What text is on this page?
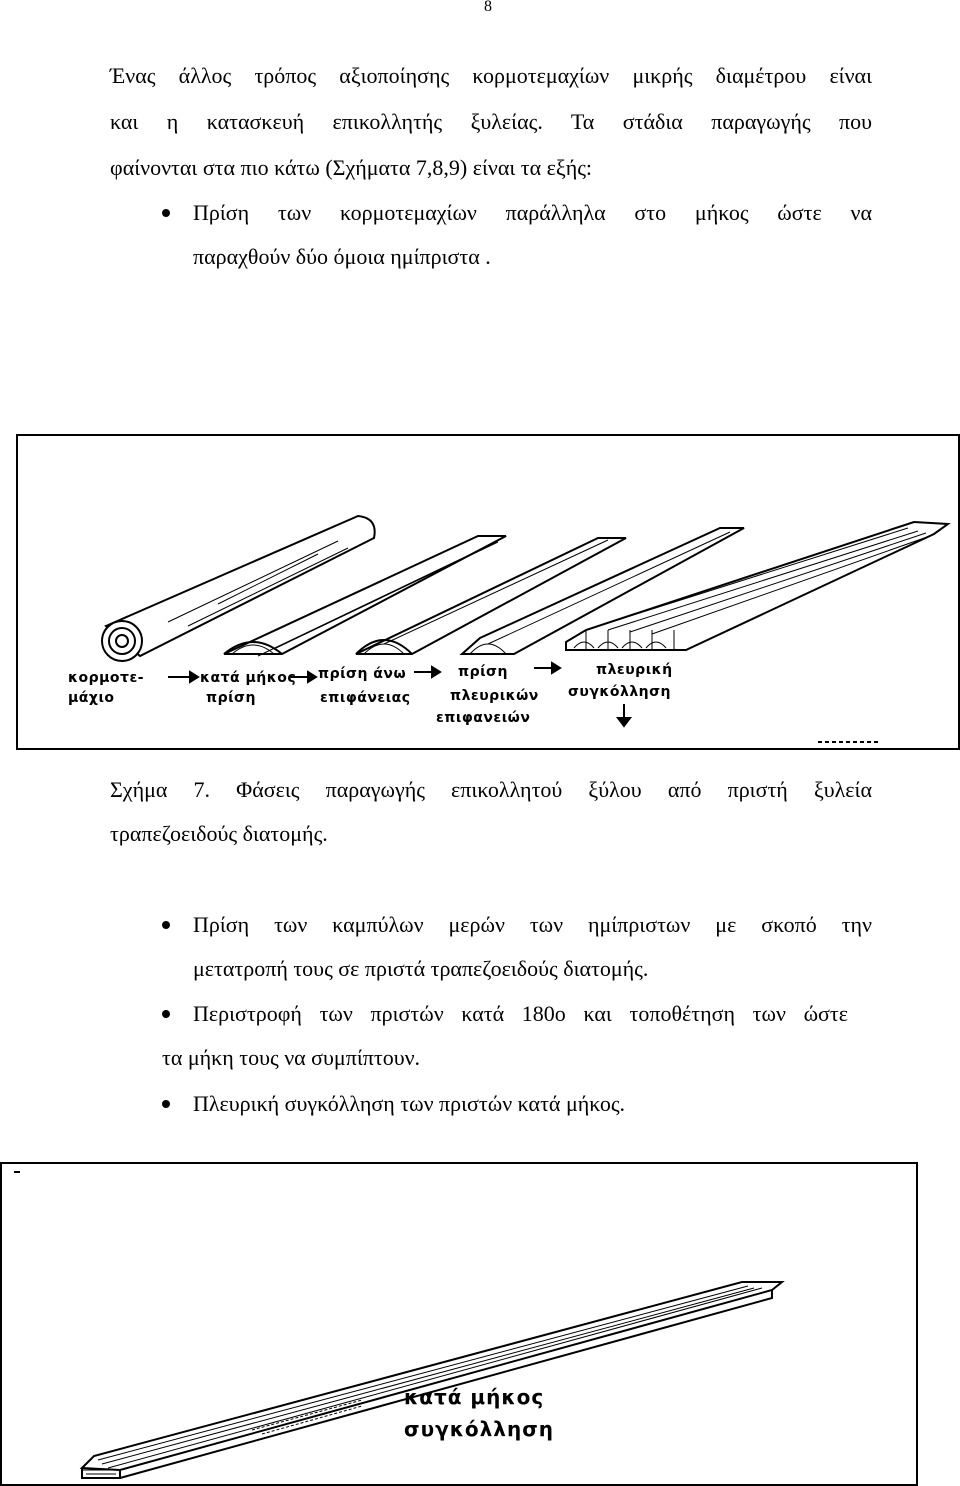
8
Ένας άλλος τρόπος αξιοποίησης κορμοτεμαχίων μικρής διαμέτρου είναι
και η κατασκευή επικολλητής ξυλείας. Τα στάδια παραγωγής που
φαίνονται στα πιο κάτω (Σχήματα 7,8,9) είναι τα εξής:
Πρίση των κορμοτεμαχίων παράλληλα στο μήκος ώστε να
παραχθούν δύο όμοια ημίπριστα .
κορμοτε-
μάχιο
κατά μήκος
πρίση
πρίση άνω
επιφάνειας
πρίση
πλευρικών
επιφανειών
πλευρική
συγκόλληση
Σχήμα 7. Φάσεις παραγωγής επικολλητού ξύλου από πριστή ξυλεία
τραπεζοειδούς διατομής.
Πρίση των καμπύλων μερών των ημίπριστων με σκοπό την
μετατροπή τους σε πριστά τραπεζοειδούς διατομής.
Περιστροφή των πριστών κατά 180ο και τοποθέτηση των ώστε
τα μήκη τους να συμπίπτουν.
Πλευρική συγκόλληση των πριστών κατά μήκος.
κατά μήκος
συγκόλληση
